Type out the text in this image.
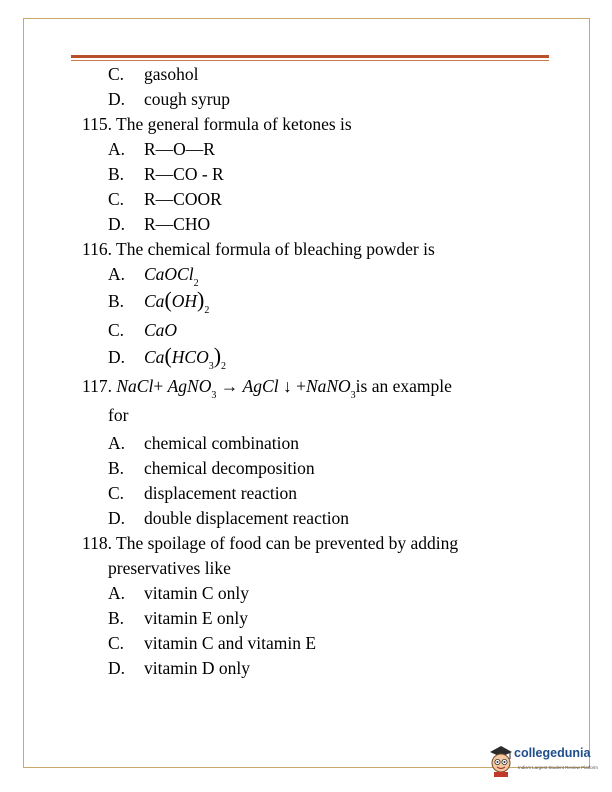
C. gasohol
D. cough syrup
115. The general formula of ketones is
A. R—O—R
B. R—CO - R
C. R—COOR
D. R—CHO
116. The chemical formula of bleaching powder is
A. CaOCl$_2$
B. $Ca(OH)_2$
C. CaO
D. $Ca(HCO_3)_2$
117. NaCl+ AgNO$_3$ → AgCl ↓ +NaNO$_3$is an example
for
A. chemical combination
B. chemical decomposition
C. displacement reaction
D. double displacement reaction
118. The spoilage of food can be prevented by adding
preservatives like
A. vitamin C only
B. vitamin E only
C. vitamin C and vitamin E
D. vitamin D only
collegedunia
India's Largest Student Review Platform
